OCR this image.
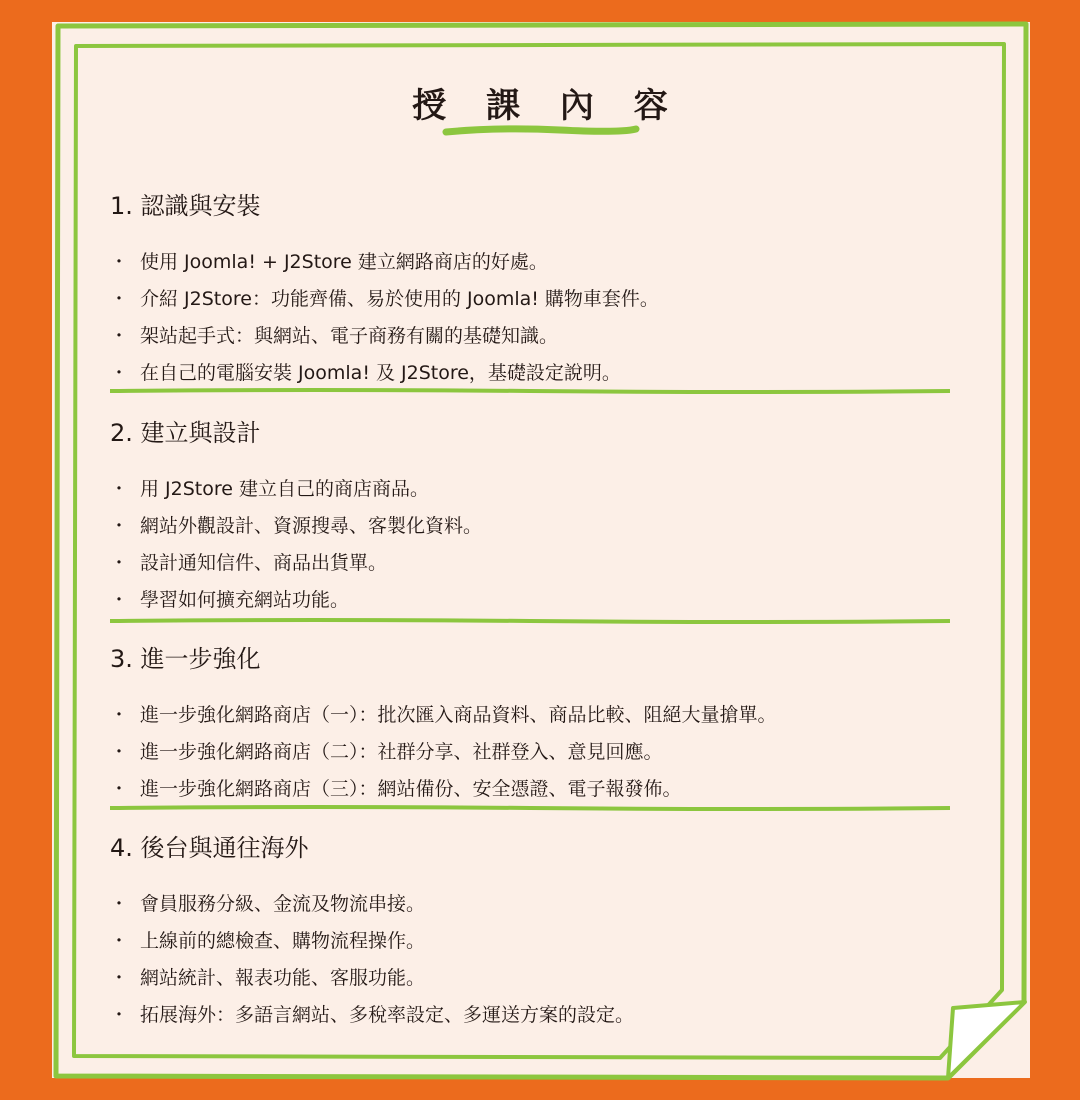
授 課 內 容
1. 認識與安裝
・ 使用 Joomla! + J2Store 建立網路商店的好處。
・ 介紹 J2Store：功能齊備、易於使用的 Joomla! 購物車套件。
・ 架站起手式：與網站、電子商務有關的基礎知識。
・ 在自己的電腦安裝 Joomla! 及 J2Store，基礎設定說明。
2. 建立與設計
・ 用 J2Store 建立自己的商店商品。
・ 網站外觀設計、資源搜尋、客製化資料。
・ 設計通知信件、商品出貨單。
・ 學習如何擴充網站功能。
3. 進一步強化
・ 進一步強化網路商店（一）：批次匯入商品資料、商品比較、阻絕大量搶單。
・ 進一步強化網路商店（二）：社群分享、社群登入、意見回應。
・ 進一步強化網路商店（三）：網站備份、安全憑證、電子報發佈。
4. 後台與通往海外
・ 會員服務分級、金流及物流串接。
・ 上線前的總檢查、購物流程操作。
・ 網站統計、報表功能、客服功能。
・ 拓展海外：多語言網站、多稅率設定、多運送方案的設定。
